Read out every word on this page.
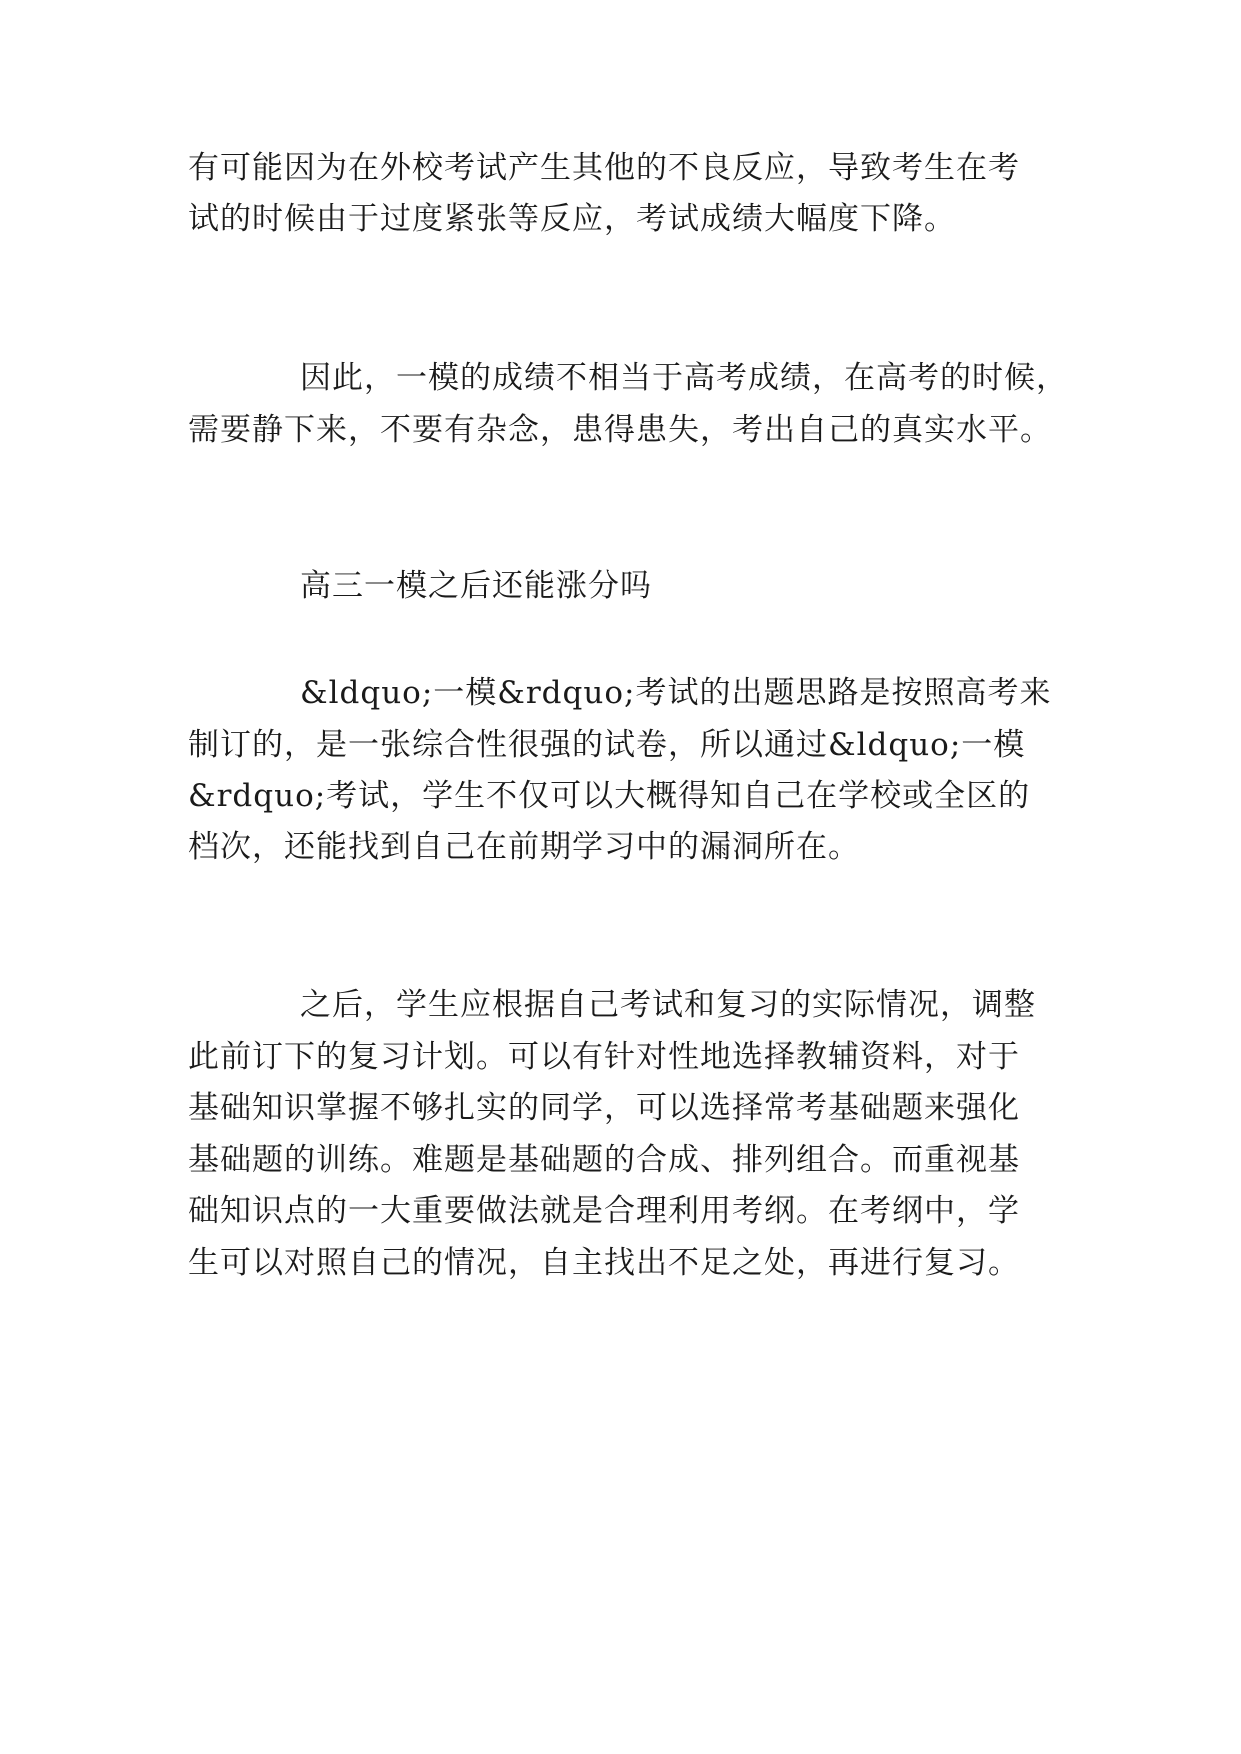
有可能因为在外校考试产生其他的不良反应，导致考生在考
试的时候由于过度紧张等反应，考试成绩大幅度下降。
因此，一模的成绩不相当于高考成绩，在高考的时候，
需要静下来，不要有杂念，患得患失，考出自己的真实水平。
高三一模之后还能涨分吗
&ldquo;一模&rdquo;考试的出题思路是按照高考来
制订的，是一张综合性很强的试卷，所以通过&ldquo;一模
&rdquo;考试，学生不仅可以大概得知自己在学校或全区的
档次，还能找到自己在前期学习中的漏洞所在。
之后，学生应根据自己考试和复习的实际情况，调整
此前订下的复习计划。可以有针对性地选择教辅资料，对于
基础知识掌握不够扎实的同学，可以选择常考基础题来强化
基础题的训练。难题是基础题的合成、排列组合。而重视基
础知识点的一大重要做法就是合理利用考纲。在考纲中，学
生可以对照自己的情况，自主找出不足之处，再进行复习。
